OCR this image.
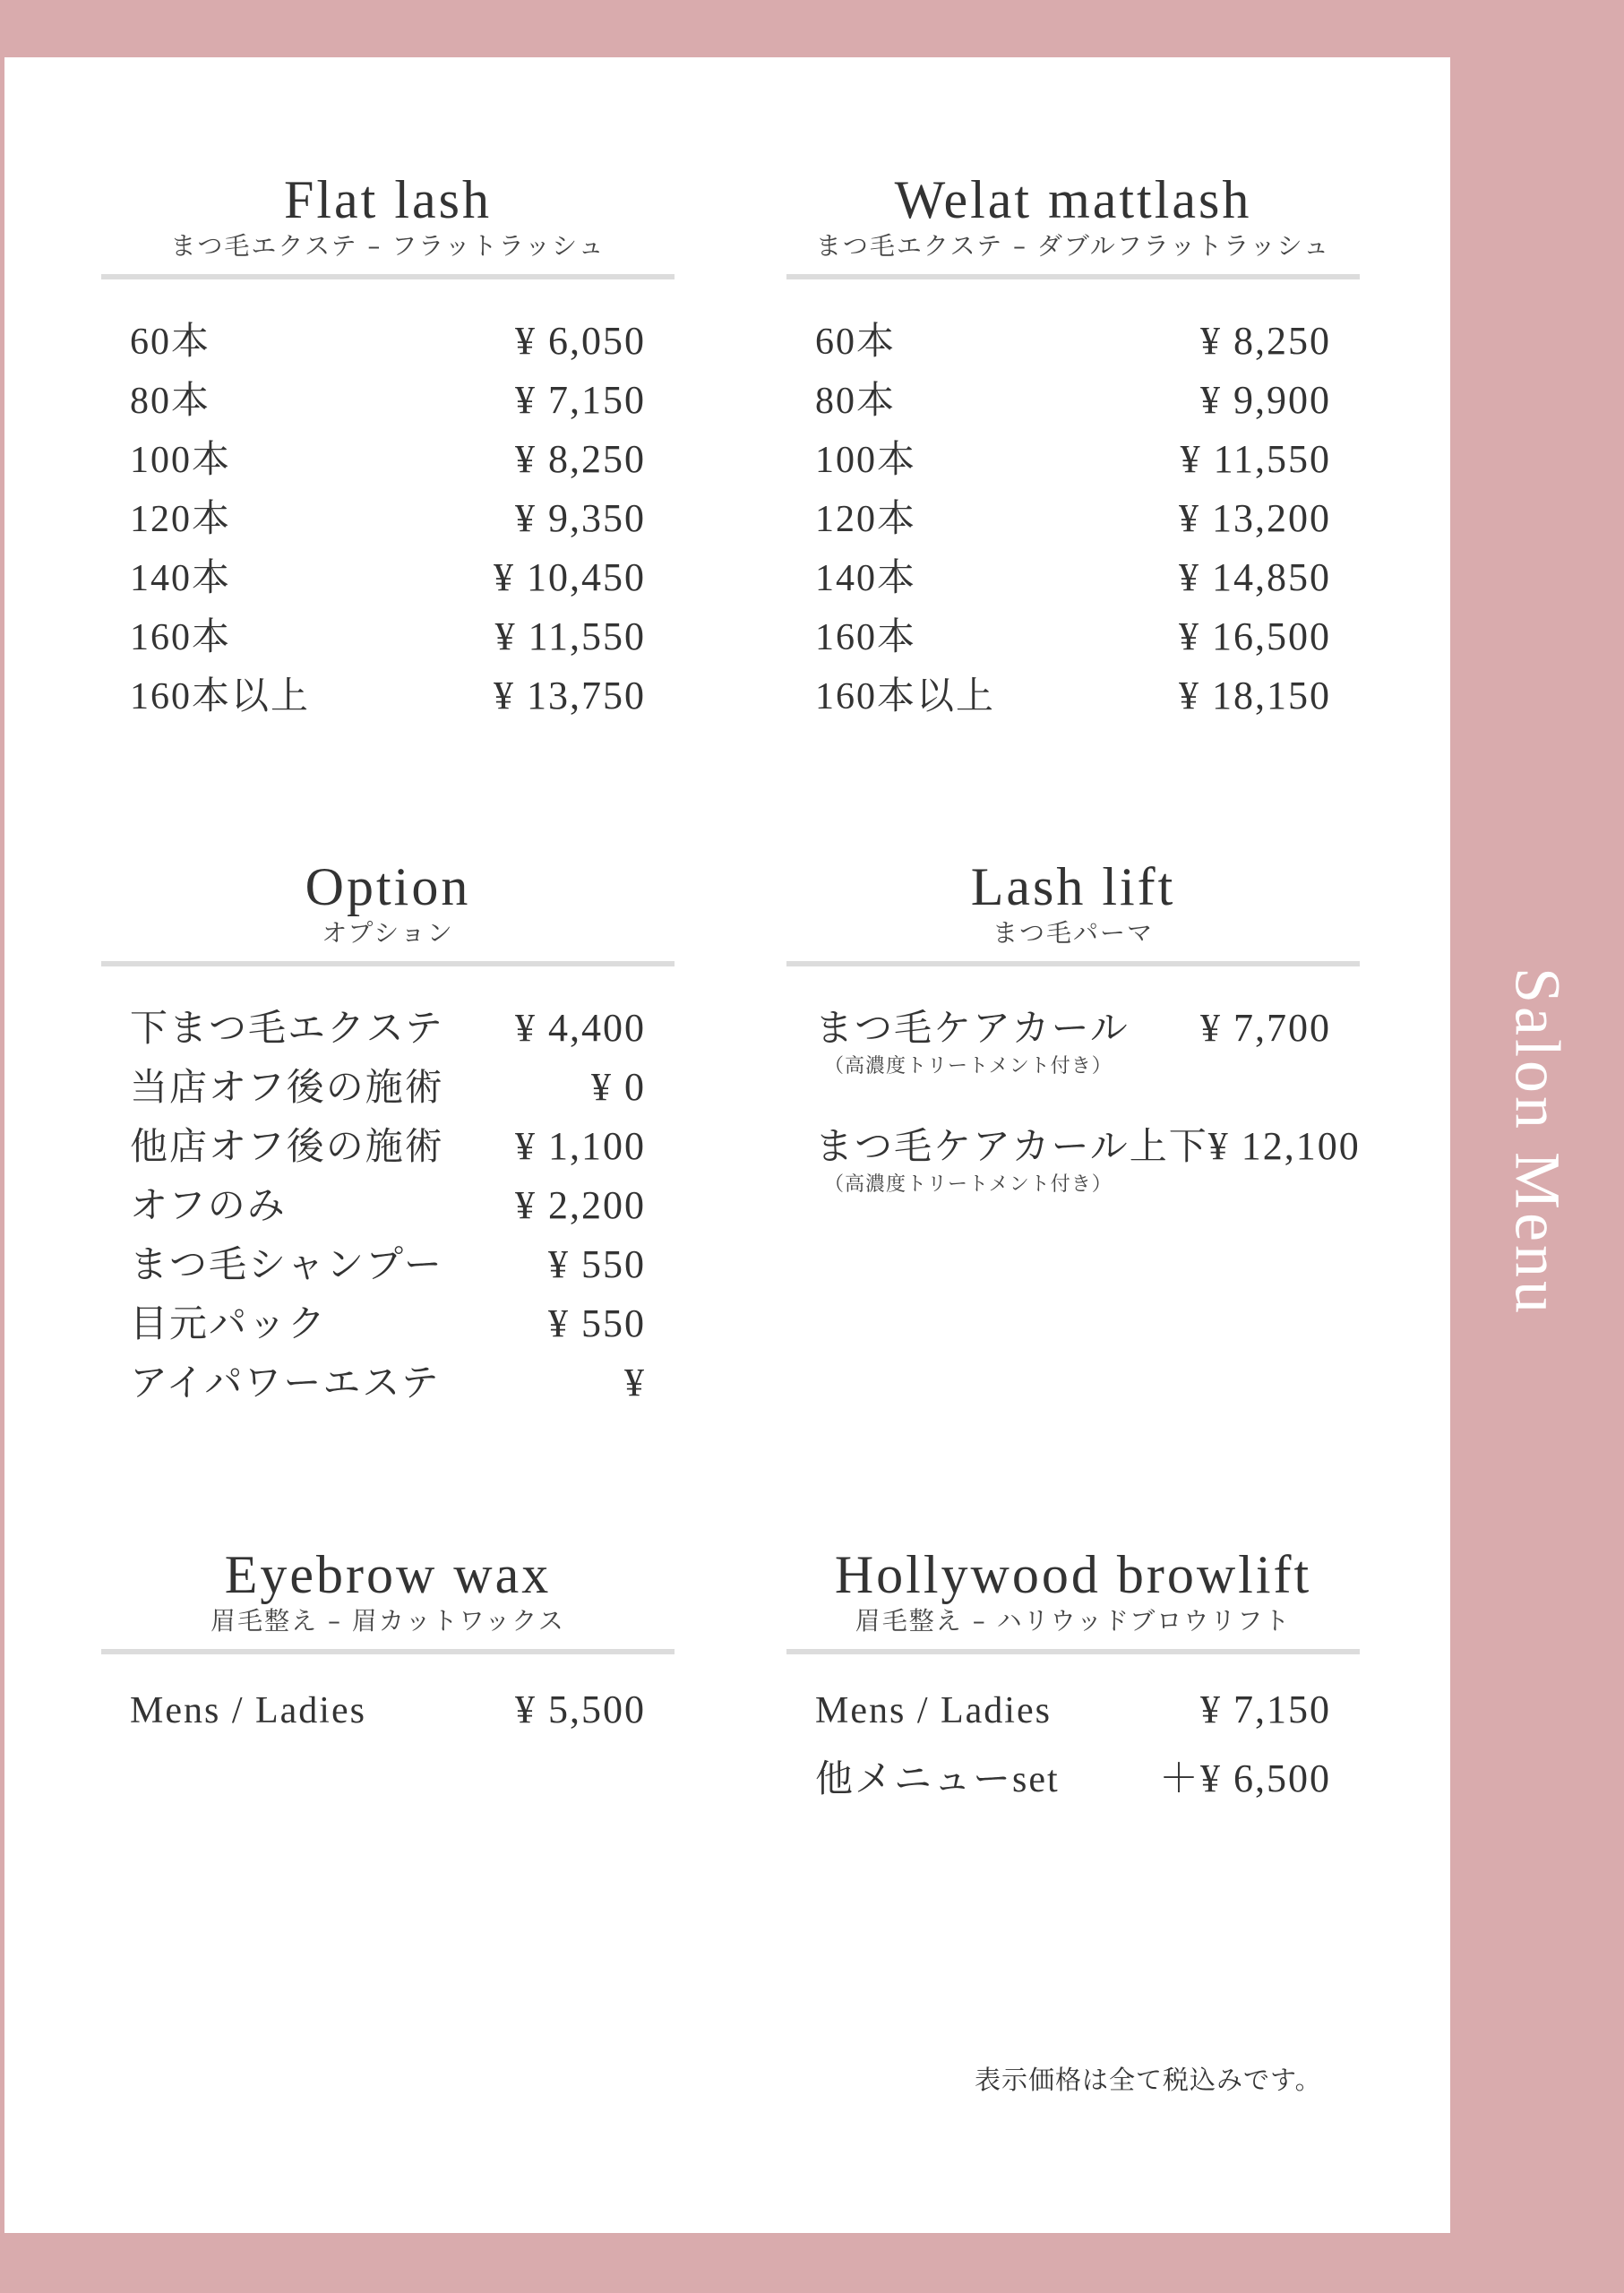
Salon Menu
Flat lash
まつ毛エクステ – フラットラッシュ
60本	¥ 6,050
80本	¥ 7,150
100本	¥ 8,250
120本	¥ 9,350
140本	¥ 10,450
160本	¥ 11,550
160本以上	¥ 13,750
Welat mattlash
まつ毛エクステ – ダブルフラットラッシュ
60本	¥ 8,250
80本	¥ 9,900
100本	¥ 11,550
120本	¥ 13,200
140本	¥ 14,850
160本	¥ 16,500
160本以上	¥ 18,150
Option
オプション
下まつ毛エクステ ¥ 4,400
当店オフ後の施術	¥ 0
他店オフ後の施術 ¥ 1,100
オフのみ	¥ 2,200
まつ毛シャンプー	¥ 550
目元パック	¥ 550
アイパワーエステ	¥
Lash lift
まつ毛パーマ
まつ毛ケアカール ¥ 7,700
（高濃度トリートメント付き）
まつ毛ケアカール上下 ¥ 12,100
（高濃度トリートメント付き）
Eyebrow wax
眉毛整え – 眉カットワックス
Mens / Ladies	¥ 5,500
Hollywood browlift
眉毛整え – ハリウッドブロウリフト
Mens / Ladies	¥ 7,150
他メニューset	＋¥ 6,500
表示価格は全て税込みです。
